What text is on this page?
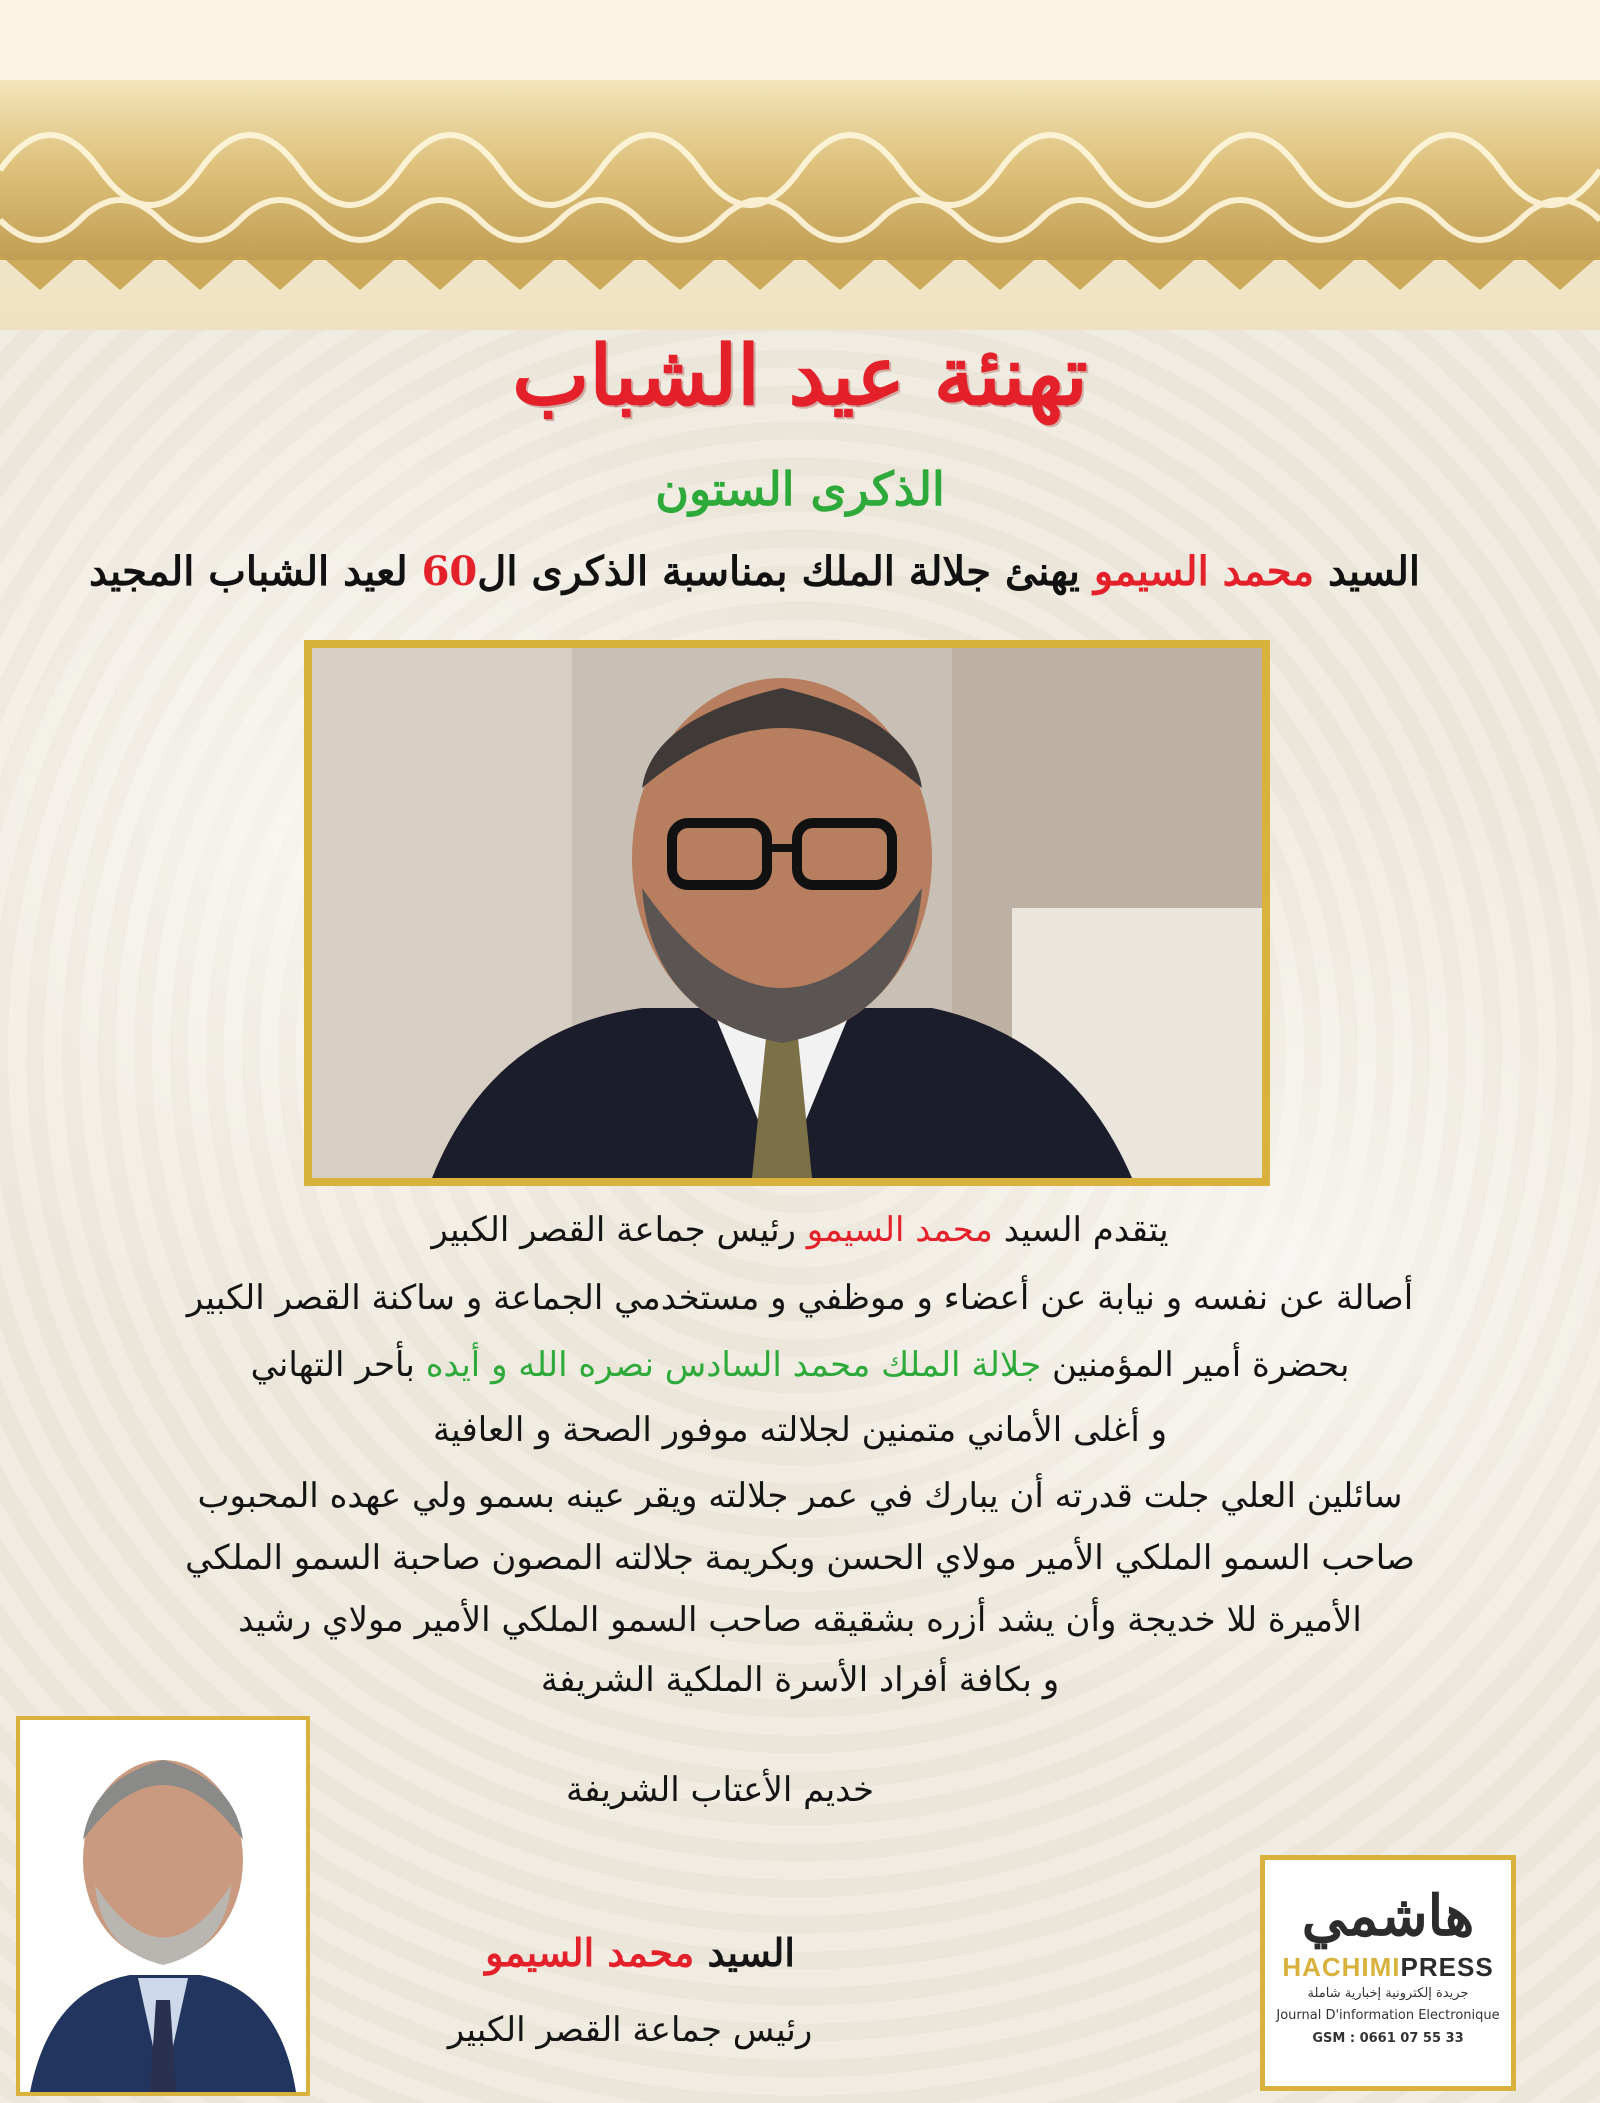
تهنئة عيد الشباب
الذكرى الستون
السيد محمد السيمو يهنئ جلالة الملك بمناسبة الذكرى ال60 لعيد الشباب المجيد
يتقدم السيد محمد السيمو رئيس جماعة القصر الكبير
أصالة عن نفسه و نيابة عن أعضاء و موظفي و مستخدمي الجماعة و ساكنة القصر الكبير
بحضرة أمير المؤمنين جلالة الملك محمد السادس نصره الله و أيده بأحر التهاني
و أغلى الأماني متمنين لجلالته موفور الصحة و العافية
سائلين العلي جلت قدرته أن يبارك في عمر جلالته ويقر عينه بسمو ولي عهده المحبوب
صاحب السمو الملكي الأمير مولاي الحسن وبكريمة جلالته المصون صاحبة السمو الملكي
الأميرة للا خديجة وأن يشد أزره بشقيقه صاحب السمو الملكي الأمير مولاي رشيد
و بكافة أفراد الأسرة الملكية الشريفة
خديم الأعتاب الشريفة
السيد محمد السيمو
رئيس جماعة القصر الكبير
هاشمي
HACHIMIPRESS
جريدة إلكترونية إخبارية شاملة
Journal D'information Electronique
GSM : 0661 07 55 33
